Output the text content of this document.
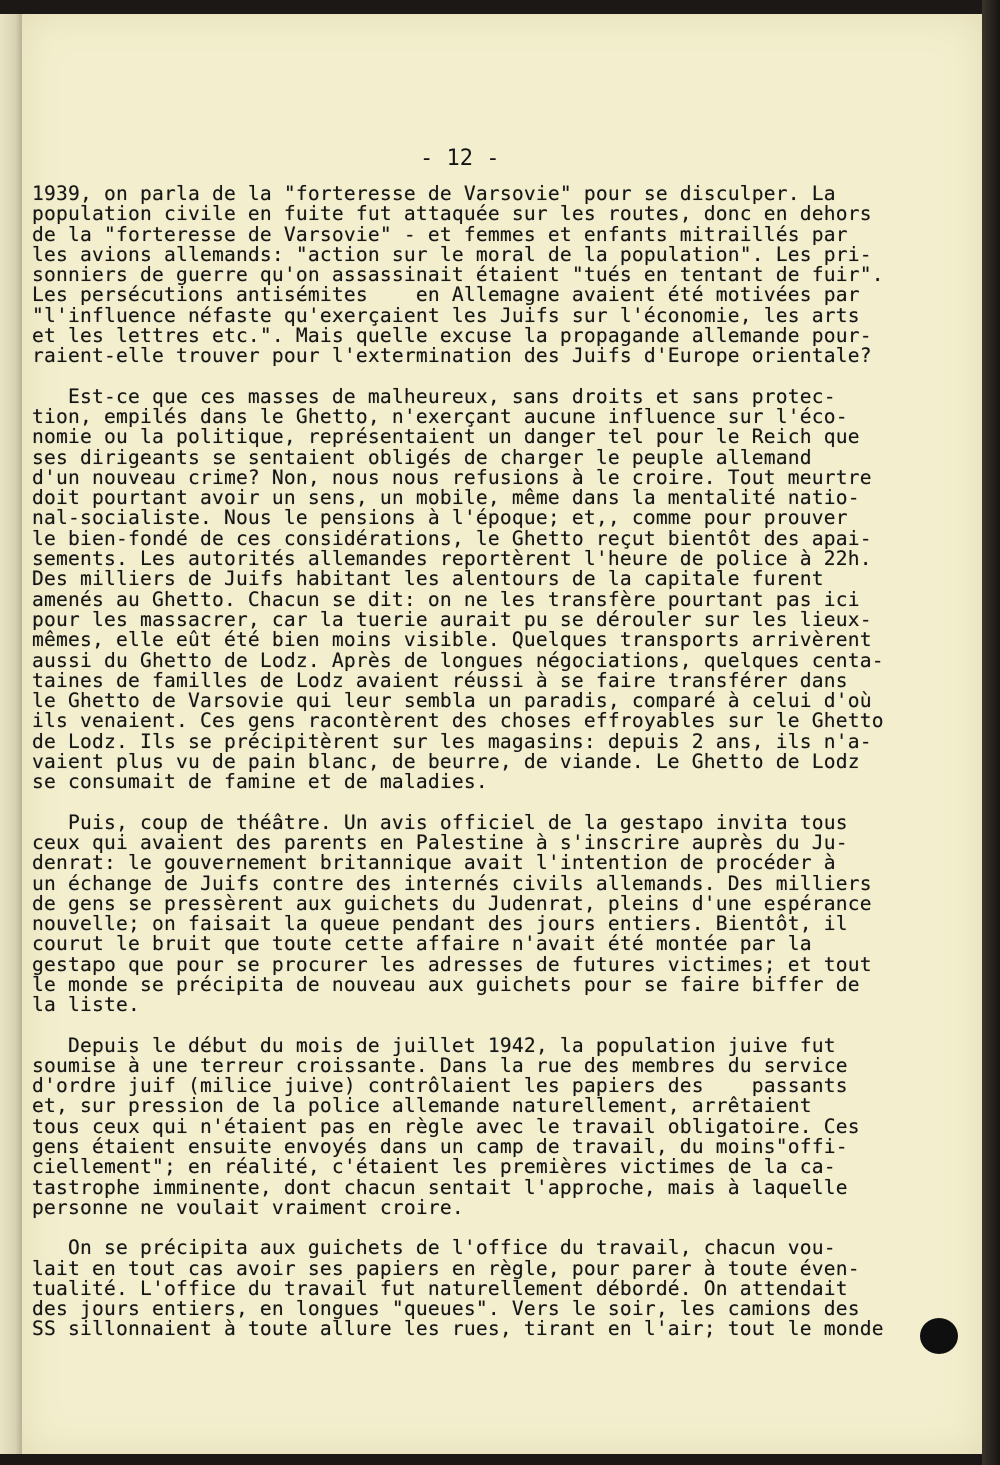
- 12 -
1939, on parla de la "forteresse de Varsovie" pour se disculper. La
population civile en fuite fut attaquée sur les routes, donc en dehors
de la "forteresse de Varsovie" - et femmes et enfants mitraillés par
les avions allemands: "action sur le moral de la population". Les pri-
sonniers de guerre qu'on assassinait étaient "tués en tentant de fuir".
Les persécutions antisémites    en Allemagne avaient été motivées par
"l'influence néfaste qu'exerçaient les Juifs sur l'économie, les arts
et les lettres etc.". Mais quelle excuse la propagande allemande pour-
raient-elle trouver pour l'extermination des Juifs d'Europe orientale?
Est-ce que ces masses de malheureux, sans droits et sans protec-
tion, empilés dans le Ghetto, n'exerçant aucune influence sur l'éco-
nomie ou la politique, représentaient un danger tel pour le Reich que
ses dirigeants se sentaient obligés de charger le peuple allemand
d'un nouveau crime? Non, nous nous refusions à le croire. Tout meurtre
doit pourtant avoir un sens, un mobile, même dans la mentalité natio-
nal-socialiste. Nous le pensions à l'époque; et,, comme pour prouver
le bien-fondé de ces considérations, le Ghetto reçut bientôt des apai-
sements. Les autorités allemandes reportèrent l'heure de police à 22h.
Des milliers de Juifs habitant les alentours de la capitale furent
amenés au Ghetto. Chacun se dit: on ne les transfère pourtant pas ici
pour les massacrer, car la tuerie aurait pu se dérouler sur les lieux-
mêmes, elle eût été bien moins visible. Quelques transports arrivèrent
aussi du Ghetto de Lodz. Après de longues négociations, quelques centa-
taines de familles de Lodz avaient réussi à se faire transférer dans
le Ghetto de Varsovie qui leur sembla un paradis, comparé à celui d'où
ils venaient. Ces gens racontèrent des choses effroyables sur le Ghetto
de Lodz. Ils se précipitèrent sur les magasins: depuis 2 ans, ils n'a-
vaient plus vu de pain blanc, de beurre, de viande. Le Ghetto de Lodz
se consumait de famine et de maladies.
Puis, coup de théâtre. Un avis officiel de la gestapo invita tous
ceux qui avaient des parents en Palestine à s'inscrire auprès du Ju-
denrat: le gouvernement britannique avait l'intention de procéder à
un échange de Juifs contre des internés civils allemands. Des milliers
de gens se pressèrent aux guichets du Judenrat, pleins d'une espérance
nouvelle; on faisait la queue pendant des jours entiers. Bientôt, il
courut le bruit que toute cette affaire n'avait été montée par la
gestapo que pour se procurer les adresses de futures victimes; et tout
le monde se précipita de nouveau aux guichets pour se faire biffer de
la liste.
Depuis le début du mois de juillet 1942, la population juive fut
soumise à une terreur croissante. Dans la rue des membres du service
d'ordre juif (milice juive) contrôlaient les papiers des    passants
et, sur pression de la police allemande naturellement, arrêtaient
tous ceux qui n'étaient pas en règle avec le travail obligatoire. Ces
gens étaient ensuite envoyés dans un camp de travail, du moins"offi-
ciellement"; en réalité, c'étaient les premières victimes de la ca-
tastrophe imminente, dont chacun sentait l'approche, mais à laquelle
personne ne voulait vraiment croire.
On se précipita aux guichets de l'office du travail, chacun vou-
lait en tout cas avoir ses papiers en règle, pour parer à toute éven-
tualité. L'office du travail fut naturellement débordé. On attendait
des jours entiers, en longues "queues". Vers le soir, les camions des
SS sillonnaient à toute allure les rues, tirant en l'air; tout le monde
